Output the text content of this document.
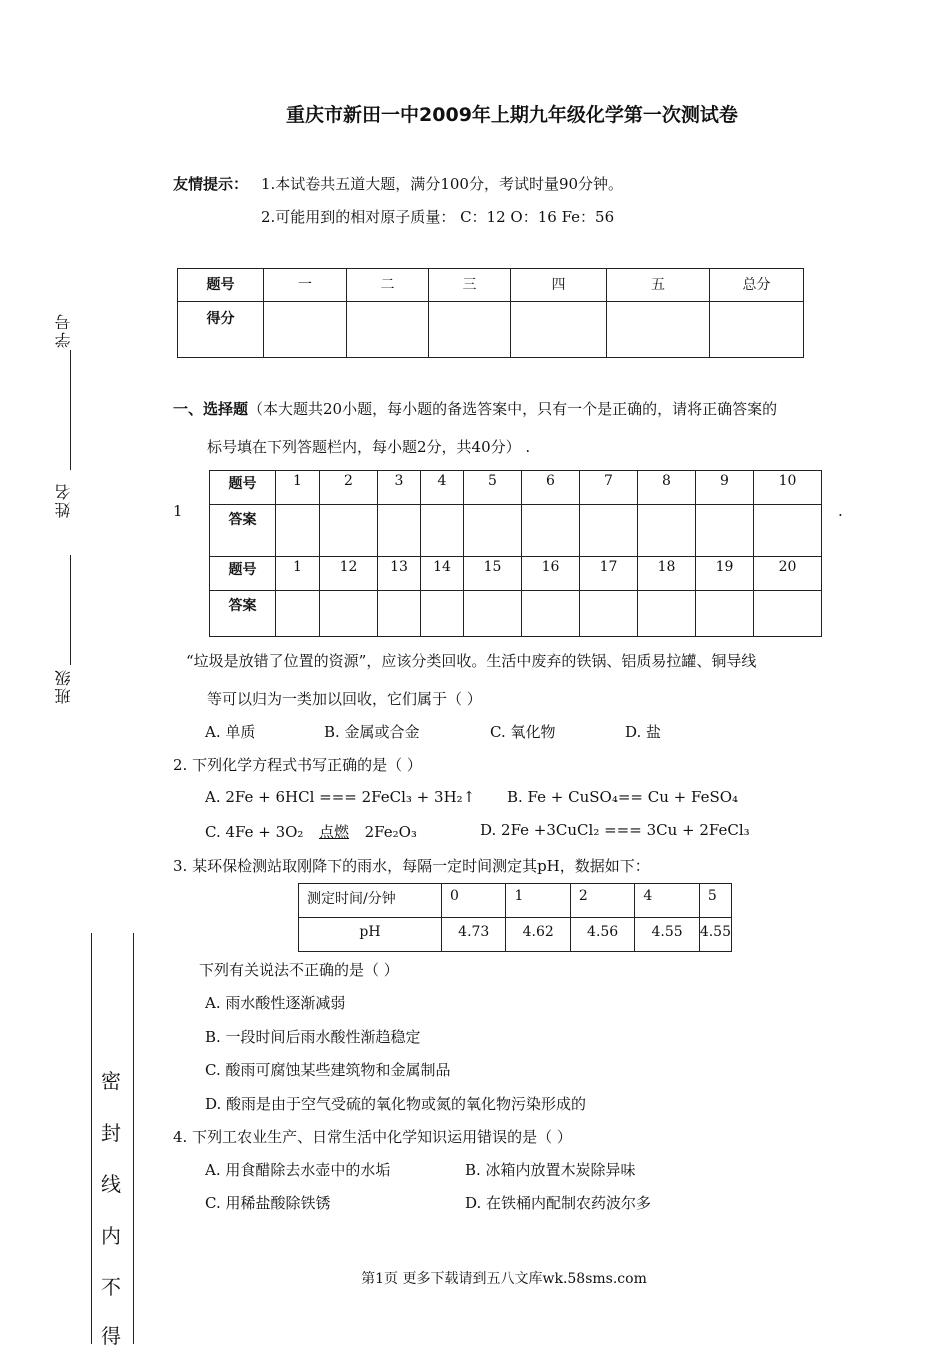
重庆市新田一中2009年上期九年级化学第一次测试卷
友情提示： 1.本试卷共五道大题，满分100分，考试时量90分钟。
2.可能用到的相对原子质量： C：12 O：16 Fe：56
题号	一	二	三	四	五	总分
得分						
一、选择题（本大题共20小题，每小题的备选答案中，只有一个是正确的，请将正确答案的
标号填在下列答题栏内，每小题2分，共40分） .
1	.
题号	1	2	3	4	5	6	7	8	9	10
答案										
题号	1	12	13	14	15	16	17	18	19	20
答案										
“垃圾是放错了位置的资源”，应该分类回收。生活中废弃的铁锅、铝质易拉罐、铜导线
等可以归为一类加以回收，它们属于（ ）
A. 单质	B. 金属或合金	C. 氧化物	D. 盐
2. 下列化学方程式书写正确的是（ ）
A. 2Fe + 6HCl === 2FeCl₃ + 3H₂↑ B. Fe + CuSO₄== Cu + FeSO₄
C. 4Fe + 3O₂ 点燃 2Fe₂O₃	D. 2Fe +3CuCl₂ === 3Cu + 2FeCl₃
3. 某环保检测站取刚降下的雨水，每隔一定时间测定其pH，数据如下：
测定时间/分钟	0	1	2	4	5
pH	4.73	4.62	4.56	4.55	4.55
下列有关说法不正确的是（ ）
A. 雨水酸性逐渐减弱
B. 一段时间后雨水酸性渐趋稳定
C. 酸雨可腐蚀某些建筑物和金属制品
D. 酸雨是由于空气受硫的氧化物或氮的氧化物污染形成的
4. 下列工农业生产、日常生活中化学知识运用错误的是（ ）
A. 用食醋除去水壶中的水垢	B. 冰箱内放置木炭除异味
C. 用稀盐酸除铁锈	D. 在铁桶内配制农药波尔多
学号
姓名
班级
密
封
线
内
不
得
第1页 更多下载请到五八文库wk.58sms.com
